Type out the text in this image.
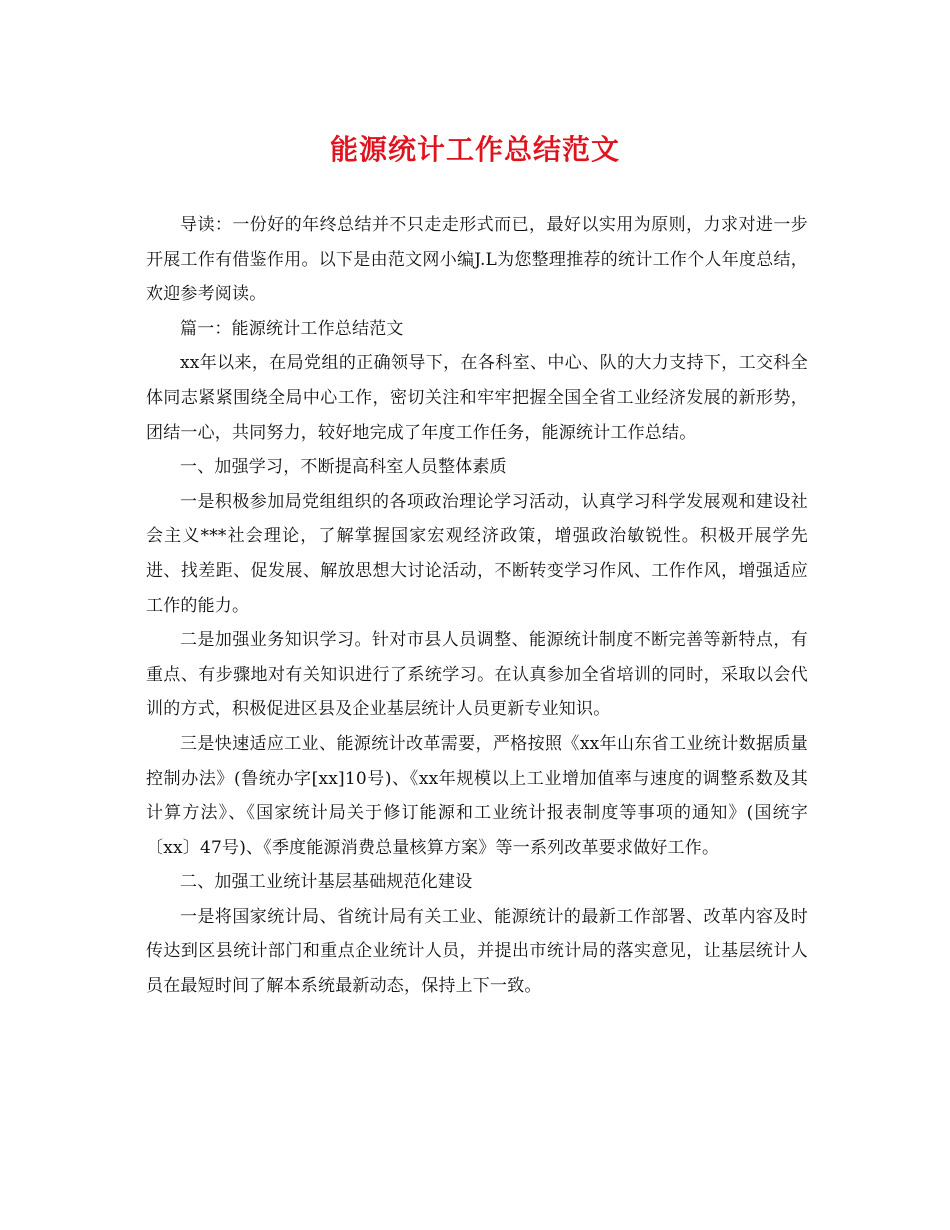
能源统计工作总结范文

导读：一份好的年终总结并不只走走形式而已，最好以实用为原则，力求对进一步开展工作有借鉴作用。以下是由范文网小编J.L为您整理推荐的统计工作个人年度总结，欢迎参考阅读。

篇一：能源统计工作总结范文

xx年以来，在局党组的正确领导下，在各科室、中心、队的大力支持下，工交科全体同志紧紧围绕全局中心工作，密切关注和牢牢把握全国全省工业经济发展的新形势，团结一心，共同努力，较好地完成了年度工作任务，能源统计工作总结。

一、加强学习，不断提高科室人员整体素质

一是积极参加局党组组织的各项政治理论学习活动，认真学习科学发展观和建设社会主义***社会理论，了解掌握国家宏观经济政策，增强政治敏锐性。积极开展学先进、找差距、促发展、解放思想大讨论活动，不断转变学习作风、工作作风，增强适应工作的能力。

二是加强业务知识学习。针对市县人员调整、能源统计制度不断完善等新特点，有重点、有步骤地对有关知识进行了系统学习。在认真参加全省培训的同时，采取以会代训的方式，积极促进区县及企业基层统计人员更新专业知识。

三是快速适应工业、能源统计改革需要，严格按照《xx年山东省工业统计数据质量控制办法》(鲁统办字[xx]10号)、《xx年规模以上工业增加值率与速度的调整系数及其计算方法》、《国家统计局关于修订能源和工业统计报表制度等事项的通知》(国统字〔xx〕47号)、《季度能源消费总量核算方案》等一系列改革要求做好工作。

二、加强工业统计基层基础规范化建设

一是将国家统计局、省统计局有关工业、能源统计的最新工作部署、改革内容及时传达到区县统计部门和重点企业统计人员，并提出市统计局的落实意见，让基层统计人员在最短时间了解本系统最新动态，保持上下一致。
